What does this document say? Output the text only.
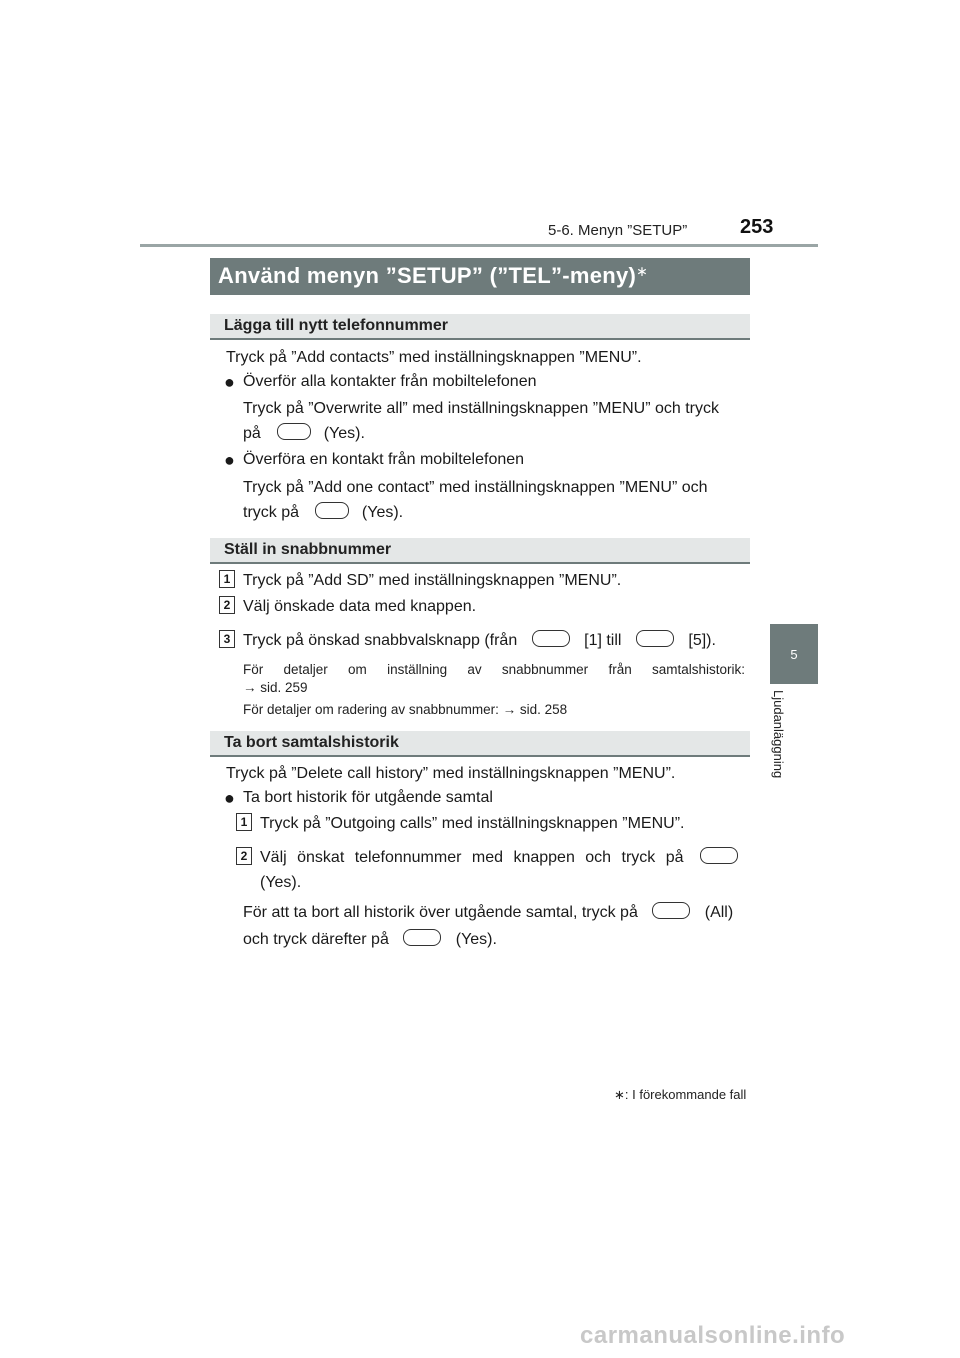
5-6. Menyn ”SETUP”	253
5
Ljudanläggning
Använd menyn ”SETUP” (”TEL”-meny)∗
Lägga till nytt telefonnummer
Tryck på ”Add contacts” med inställningsknappen ”MENU”.
● Överför alla kontakter från mobiltelefonen
Tryck på ”Overwrite all” med inställningsknappen ”MENU” och tryck
på	(Yes).
● Överföra en kontakt från mobiltelefonen
Tryck på ”Add one contact” med inställningsknappen ”MENU” och
tryck på	(Yes).
Ställ in snabbnummer
1 Tryck på ”Add SD” med inställningsknappen ”MENU”.
2 Välj önskade data med knappen.
3 Tryck på önskad snabbvalsknapp (från	[1] till	[5]).
För detaljer om inställning av snabbnummer från samtalshistorik:
→ sid. 259
För detaljer om radering av snabbnummer: → sid. 258
Ta bort samtalshistorik
Tryck på ”Delete call history” med inställningsknappen ”MENU”.
● Ta bort historik för utgående samtal
1 Tryck på ”Outgoing calls” med inställningsknappen ”MENU”.
2 Välj önskat telefonnummer med knappen och tryck på
(Yes).
För att ta bort all historik över utgående samtal, tryck på	(All)
och tryck därefter på	(Yes).
∗: I förekommande fall
carmanualsonline.info
